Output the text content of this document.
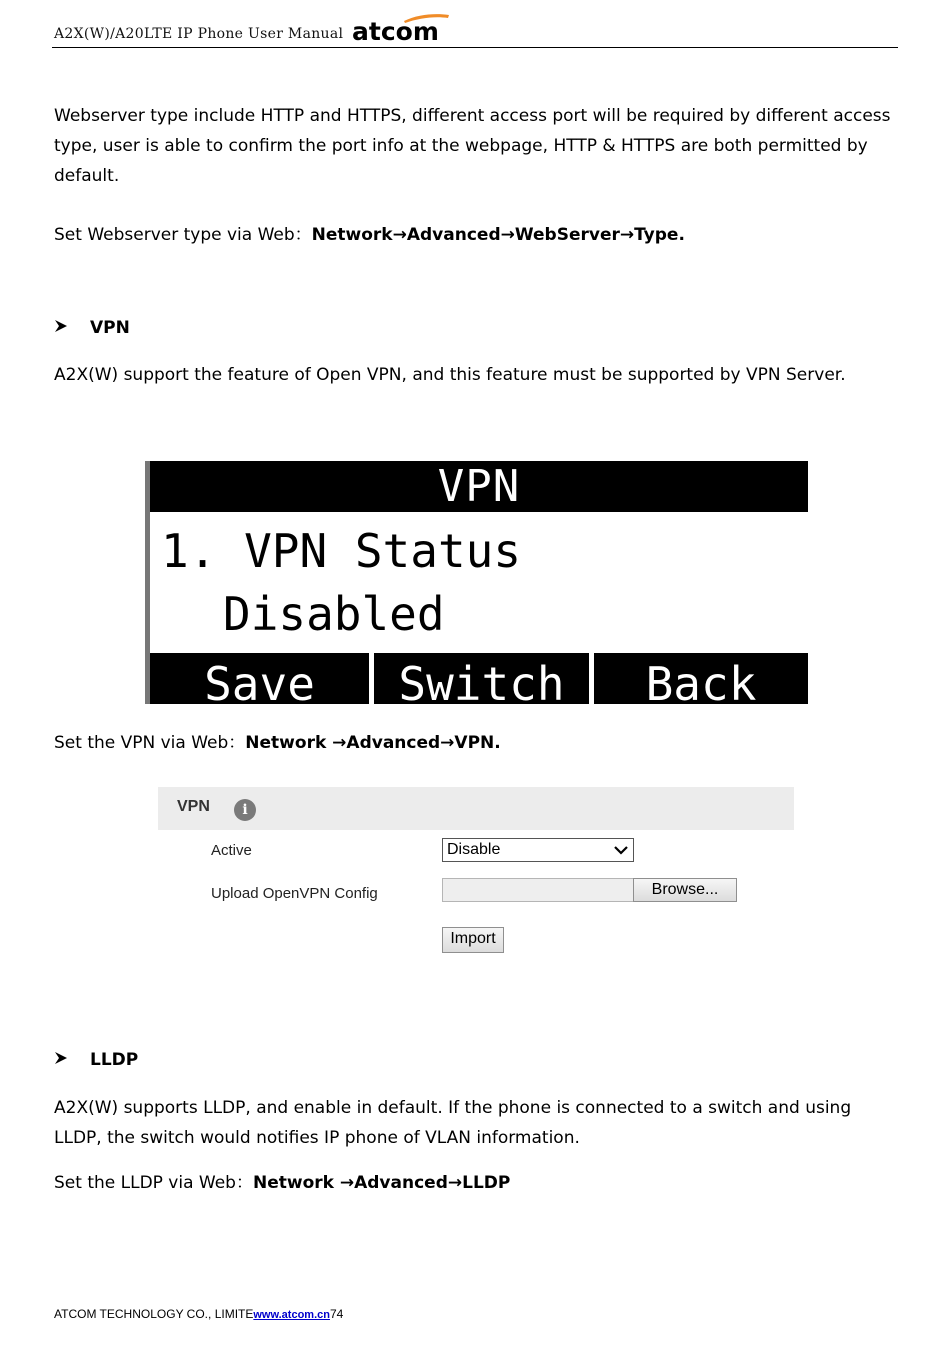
A2X(W)/A20LTE IP Phone User Manual atcom
Webserver type include HTTP and HTTPS, different access port will be required by different access type, user is able to confirm the port info at the webpage, HTTP & HTTPS are both permitted by default.
Set Webserver type via Web：Network→Advanced→WebServer→Type.
VPN
A2X(W) support the feature of Open VPN, and this feature must be supported by VPN Server.
VPN
1. VPN Status
Disabled
Save	Switch	Back
Set the VPN via Web：Network →Advanced→VPN.
VPN	i
Active	Disable
Upload OpenVPN Config	Browse...
Import
LLDP
A2X(W) supports LLDP, and enable in default. If the phone is connected to a switch and using LLDP, the switch would notifies IP phone of VLAN information.
Set the LLDP via Web：Network →Advanced→LLDP
ATCOM TECHNOLOGY CO., LIMITEwww.atcom.cn74
